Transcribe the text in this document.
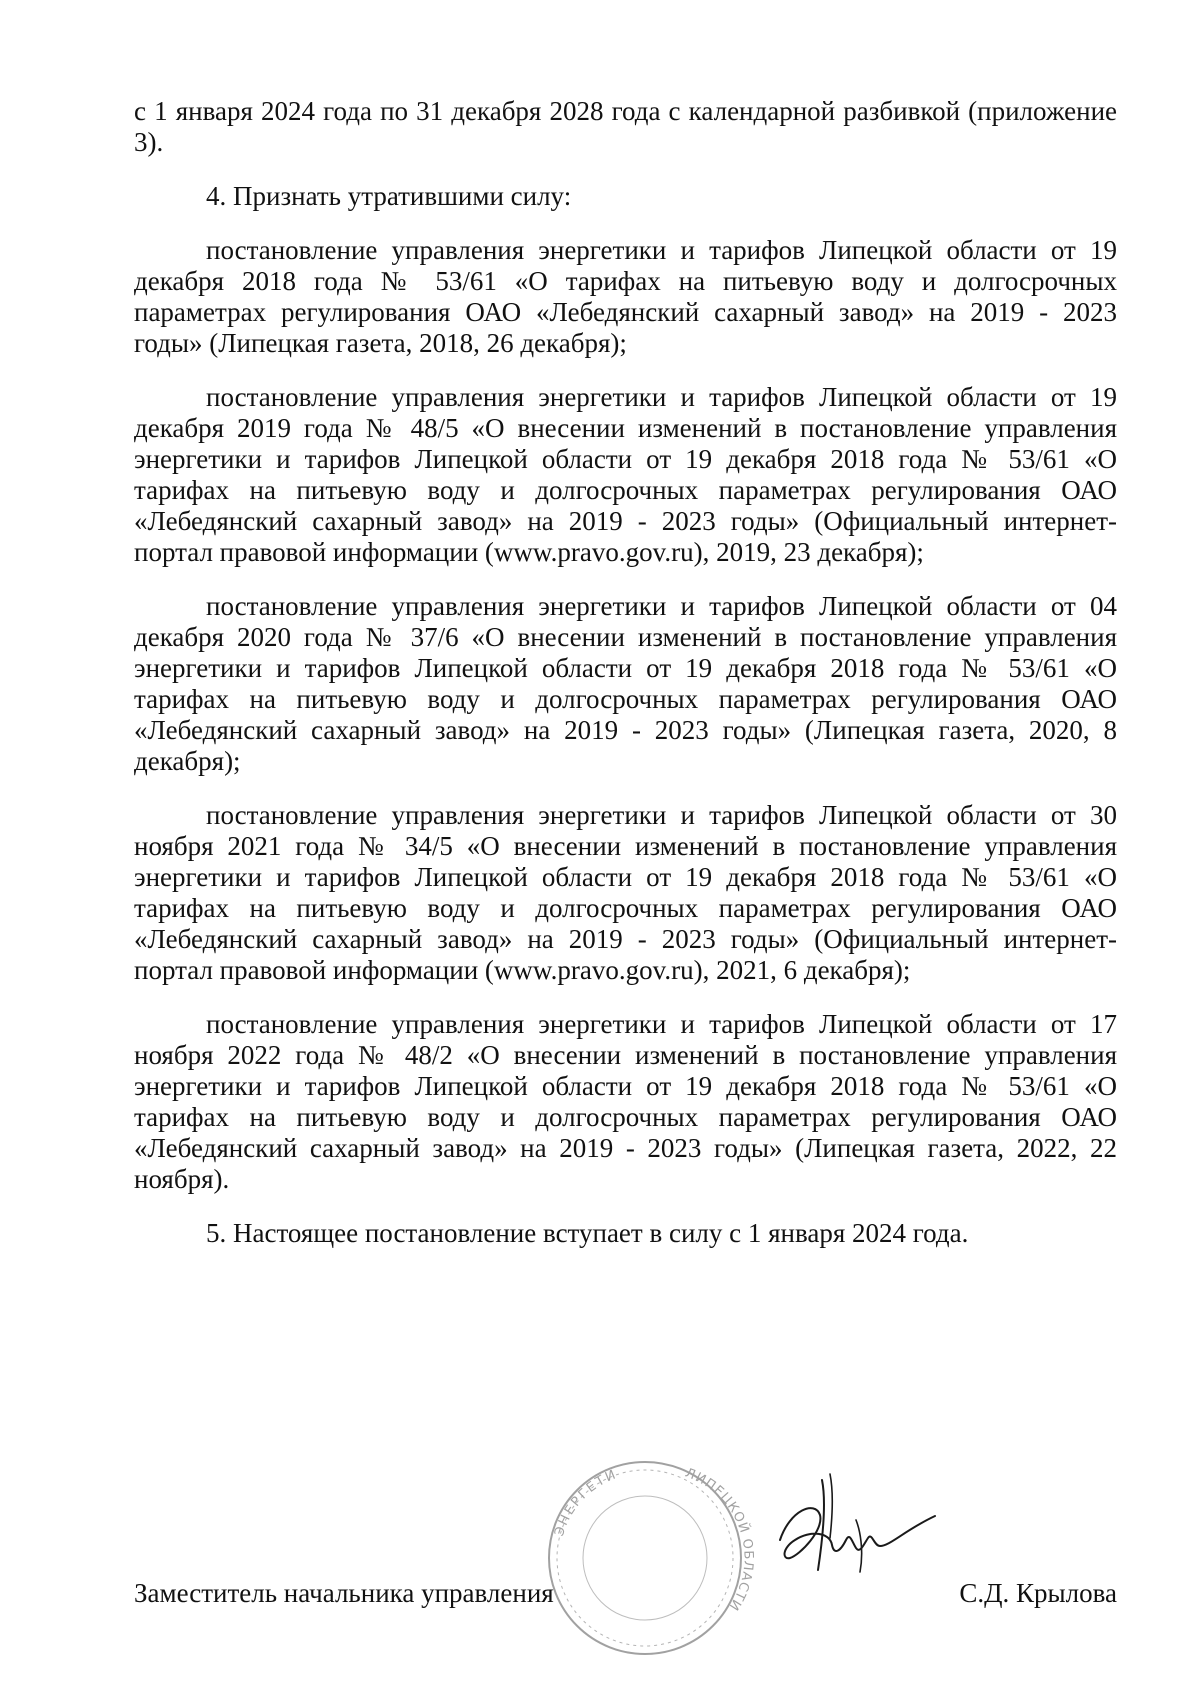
с 1 января 2024 года по 31 декабря 2028 года с календарной разбивкой (приложение 3).

4. Признать утратившими силу:

постановление управления энергетики и тарифов Липецкой области от 19 декабря 2018 года № 53/61 «О тарифах на питьевую воду и долгосрочных параметрах регулирования ОАО «Лебедянский сахарный завод» на 2019 - 2023 годы» (Липецкая газета, 2018, 26 декабря);

постановление управления энергетики и тарифов Липецкой области от 19 декабря 2019 года № 48/5 «О внесении изменений в постановление управления энергетики и тарифов Липецкой области от 19 декабря 2018 года № 53/61 «О тарифах на питьевую воду и долгосрочных параметрах регулирования ОАО «Лебедянский сахарный завод» на 2019 - 2023 годы» (Официальный интернет-портал правовой информации (www.pravo.gov.ru), 2019, 23 декабря);

постановление управления энергетики и тарифов Липецкой области от 04 декабря 2020 года № 37/6 «О внесении изменений в постановление управления энергетики и тарифов Липецкой области от 19 декабря 2018 года № 53/61 «О тарифах на питьевую воду и долгосрочных параметрах регулирования ОАО «Лебедянский сахарный завод» на 2019 - 2023 годы» (Липецкая газета, 2020, 8 декабря);

постановление управления энергетики и тарифов Липецкой области от 30 ноября 2021 года № 34/5 «О внесении изменений в постановление управления энергетики и тарифов Липецкой области от 19 декабря 2018 года № 53/61 «О тарифах на питьевую воду и долгосрочных параметрах регулирования ОАО «Лебедянский сахарный завод» на 2019 - 2023 годы» (Официальный интернет-портал правовой информации (www.pravo.gov.ru), 2021, 6 декабря);

постановление управления энергетики и тарифов Липецкой области от 17 ноября 2022 года № 48/2 «О внесении изменений в постановление управления энергетики и тарифов Липецкой области от 19 декабря 2018 года № 53/61 «О тарифах на питьевую воду и долгосрочных параметрах регулирования ОАО «Лебедянский сахарный завод» на 2019 - 2023 годы» (Липецкая газета, 2022, 22 ноября).

5. Настоящее постановление вступает в силу с 1 января 2024 года.

ЭНЕРГЕТИ	ЛИПЕЦКОЙ ОБЛАСТИ
Заместитель начальника управления	С.Д. Крылова
